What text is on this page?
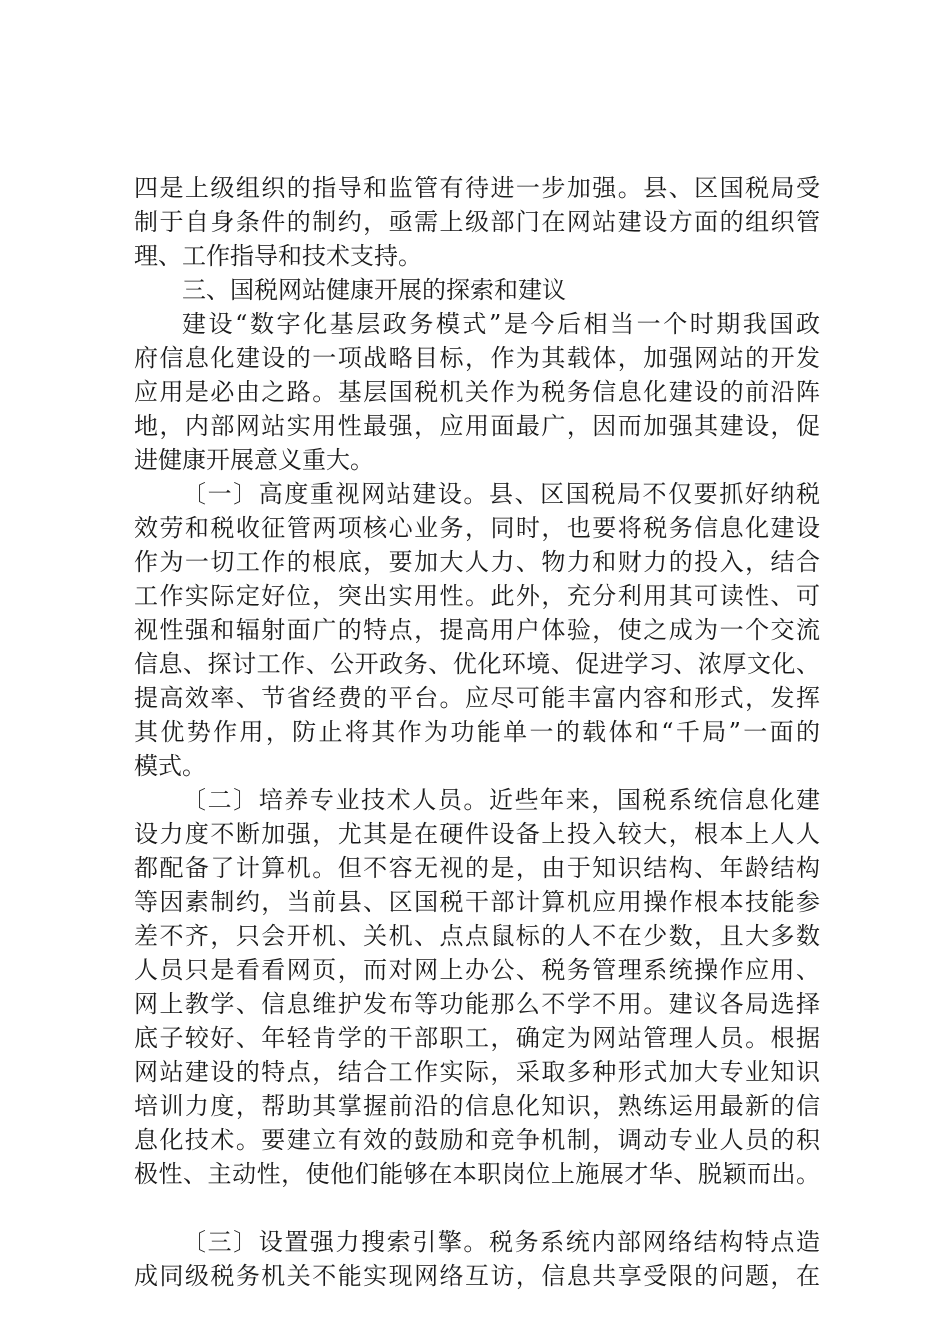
四是上级组织的指导和监管有待进一步加强。县、区国税局受
制于自身条件的制约，亟需上级部门在网站建设方面的组织管
理、工作指导和技术支持。
三、国税网站健康开展的探索和建议
建设“数字化基层政务模式”是今后相当一个时期我国政
府信息化建设的一项战略目标，作为其载体，加强网站的开发
应用是必由之路。基层国税机关作为税务信息化建设的前沿阵
地，内部网站实用性最强，应用面最广，因而加强其建设，促
进健康开展意义重大。
〔一〕高度重视网站建设。县、区国税局不仅要抓好纳税
效劳和税收征管两项核心业务，同时，也要将税务信息化建设
作为一切工作的根底，要加大人力、物力和财力的投入，结合
工作实际定好位，突出实用性。此外，充分利用其可读性、可
视性强和辐射面广的特点，提高用户体验，使之成为一个交流
信息、探讨工作、公开政务、优化环境、促进学习、浓厚文化、
提高效率、节省经费的平台。应尽可能丰富内容和形式，发挥
其优势作用，防止将其作为功能单一的载体和“千局”一面的
模式。
〔二〕培养专业技术人员。近些年来，国税系统信息化建
设力度不断加强，尤其是在硬件设备上投入较大，根本上人人
都配备了计算机。但不容无视的是，由于知识结构、年龄结构
等因素制约，当前县、区国税干部计算机应用操作根本技能参
差不齐，只会开机、关机、点点鼠标的人不在少数，且大多数
人员只是看看网页，而对网上办公、税务管理系统操作应用、
网上教学、信息维护发布等功能那么不学不用。建议各局选择
底子较好、年轻肯学的干部职工，确定为网站管理人员。根据
网站建设的特点，结合工作实际，采取多种形式加大专业知识
培训力度，帮助其掌握前沿的信息化知识，熟练运用最新的信
息化技术。要建立有效的鼓励和竞争机制，调动专业人员的积
极性、主动性，使他们能够在本职岗位上施展才华、脱颖而出。
〔三〕设置强力搜索引擎。税务系统内部网络结构特点造
成同级税务机关不能实现网络互访，信息共享受限的问题，在
